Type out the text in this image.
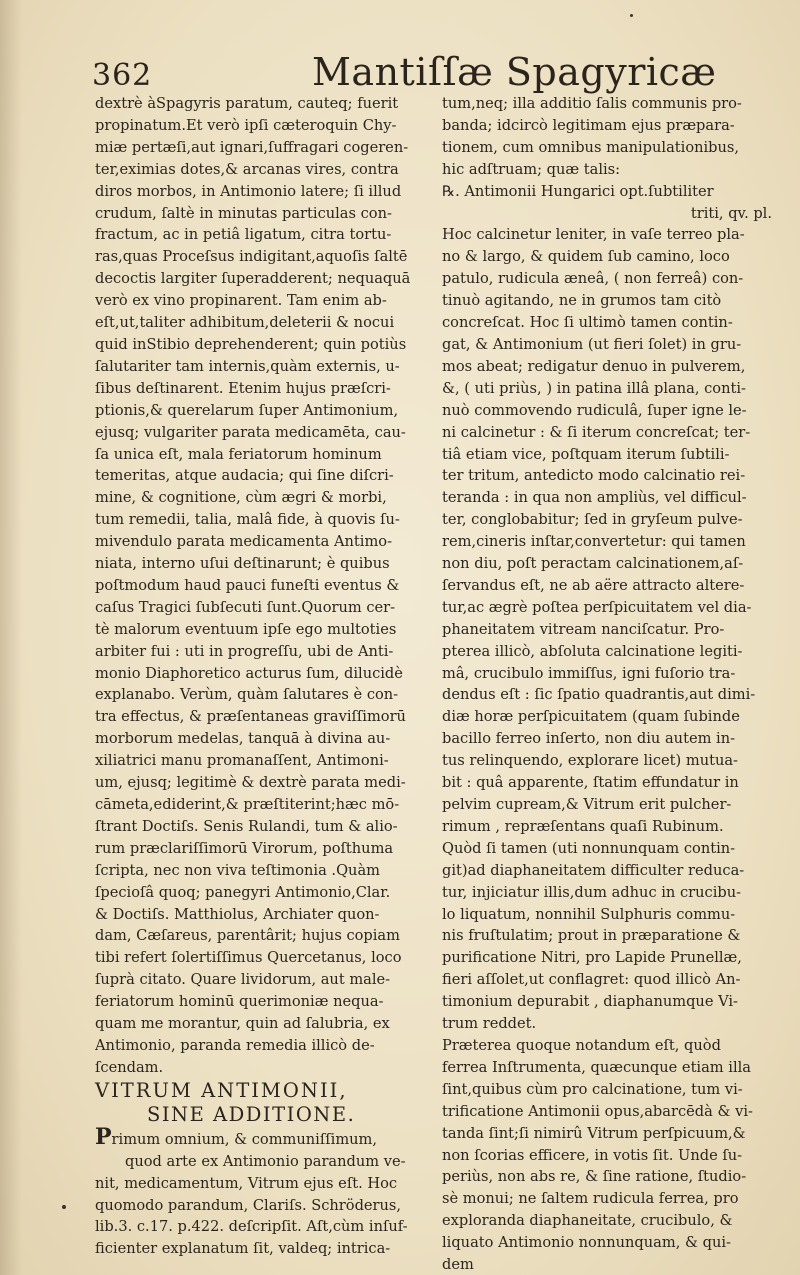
362	Mantiſſæ Spagyricæ
dextrè àSpagyris paratum, cauteq; fuerit
propinatum.Et verò ipſi cæteroquin Chy-
miæ pertæſi,aut ignari,ſuffragari cogeren-
ter,eximias dotes,& arcanas vires, contra
diros morbos, in Antimonio latere; ſi illud
crudum, ſaltè in minutas particulas con-
fractum, ac in petiâ ligatum, citra tortu-
ras,quas Proceſsus indigitant,aquoſis ſaltē
decoctis largiter ſuperadderent; nequaquā
verò ex vino propinarent. Tam enim ab-
eſt,ut,taliter adhibitum,deleterii & nocui
quid inStibio deprehenderent; quin potiùs
ſalutariter tam internis,quàm externis, u-
ſibus deſtinarent. Etenim hujus præſcri-
ptionis,& querelarum ſuper Antimonium,
ejusq; vulgariter parata medicamēta, cau-
ſa unica eſt, mala feriatorum hominum
temeritas, atque audacia; qui ſine diſcri-
mine, & cognitione, cùm ægri & morbi,
tum remedii, talia, malâ fide, à quovis ſu-
mivendulo parata medicamenta Antimo-
niata, interno uſui deſtinarunt; è quibus
poſtmodum haud pauci funeſti eventus &
caſus Tragici ſubſecuti ſunt.Quorum cer-
tè malorum eventuum ipſe ego multoties
arbiter fui : uti in progreſſu, ubi de Anti-
monio Diaphoretico acturus ſum, dilucidè
explanabo. Verùm, quàm ſalutares è con-
tra effectus, & præſentaneas graviſſimorū
morborum medelas, tanquā à divina au-
xiliatrici manu promanaſſent, Antimoni-
um, ejusq; legitimè & dextrè parata medi-
cāmeta,ediderint,& præſtiterint;hæc mō-
ſtrant Doctiſs. Senis Rulandi, tum & alio-
rum præclariſſimorū Virorum, poſthuma
ſcripta, nec non viva teſtimonia .Quàm
ſpecioſâ quoq; panegyri Antimonio,Clar.
& Doctiſs. Matthiolus, Archiater quon-
dam, Cæſareus, parentârit; hujus copiam
tibi refert ſolertiſſimus Quercetanus, loco
ſuprà citato. Quare lividorum, aut male-
feriatorum hominū querimoniæ nequa-
quam me morantur, quin ad ſalubria, ex
Antimonio, paranda remedia illicò de-
ſcendam.
VITRUM ANTIMONII,
SINE ADDITIONE.
Primum omnium, & communiſſimum,
quod arte ex Antimonio parandum ve-
nit, medicamentum, Vitrum ejus eſt. Hoc
quomodo parandum, Clariſs. Schröderus,
lib.3. c.17. p.422. deſcripſit. Aſt,cùm inſuf-
ficienter explanatum ſit, valdeq; intrica-
tum,neq; illa additio ſalis communis pro-
banda; idcircò legitimam ejus præpara-
tionem, cum omnibus manipulationibus,
hic adſtruam; quæ talis:
℞. Antimonii Hungarici opt.ſubtiliter
triti, qv. pl.
Hoc calcinetur leniter, in vaſe terreo pla-
no & largo, & quidem ſub camino, loco
patulo, rudicula æneâ, ( non ferreâ) con-
tinuò agitando, ne in grumos tam citò
concreſcat. Hoc ſi ultimò tamen contin-
gat, & Antimonium (ut fieri ſolet) in gru-
mos abeat; redigatur denuo in pulverem,
&, ( uti priùs, ) in patina illâ plana, conti-
nuò commovendo rudiculâ, ſuper igne le-
ni calcinetur : & ſi iterum concreſcat; ter-
tiâ etiam vice, poſtquam iterum ſubtili-
ter tritum, antedicto modo calcinatio rei-
teranda : in qua non ampliùs, vel difficul-
ter, conglobabitur; ſed in gryſeum pulve-
rem,cineris inſtar,convertetur: qui tamen
non diu, poſt peractam calcinationem,aſ-
ſervandus eſt, ne ab aëre attracto altere-
tur,ac ægrè poſtea perſpicuitatem vel dia-
phaneitatem vitream nanciſcatur. Pro-
pterea illicò, abſoluta calcinatione legiti-
mâ, crucibulo immiſſus, igni fuſorio tra-
dendus eſt : ſic ſpatio quadrantis,aut dimi-
diæ horæ perſpicuitatem (quam ſubinde
bacillo ferreo inſerto, non diu autem in-
tus relinquendo, explorare licet) mutua-
bit : quâ apparente, ſtatim effundatur in
pelvim cupream,& Vitrum erit pulcher-
rimum , repræſentans quaſi Rubinum.
Quòd ſi tamen (uti nonnunquam contin-
git)ad diaphaneitatem difficulter reduca-
tur, injiciatur illis,dum adhuc in crucibu-
lo liquatum, nonnihil Sulphuris commu-
nis fruſtulatim; prout in præparatione &
purificatione Nitri, pro Lapide Prunellæ,
fieri aſſolet,ut conflagret: quod illicò An-
timonium depurabit , diaphanumque Vi-
trum reddet.
Præterea quoque notandum eſt, quòd
ferrea Inſtrumenta, quæcunque etiam illa
ſint,quibus cùm pro calcinatione, tum vi-
trificatione Antimonii opus,abarcēdà & vi-
tanda ſint;ſi nimirû Vitrum perſpicuum,&
non ſcorias efficere, in votis ſit. Unde ſu-
periùs, non abs re, & ſine ratione, ſtudio-
sè monui; ne ſaltem rudicula ferrea, pro
exploranda diaphaneitate, crucibulo, &
liquato Antimonio nonnunquam, & qui-
dem
